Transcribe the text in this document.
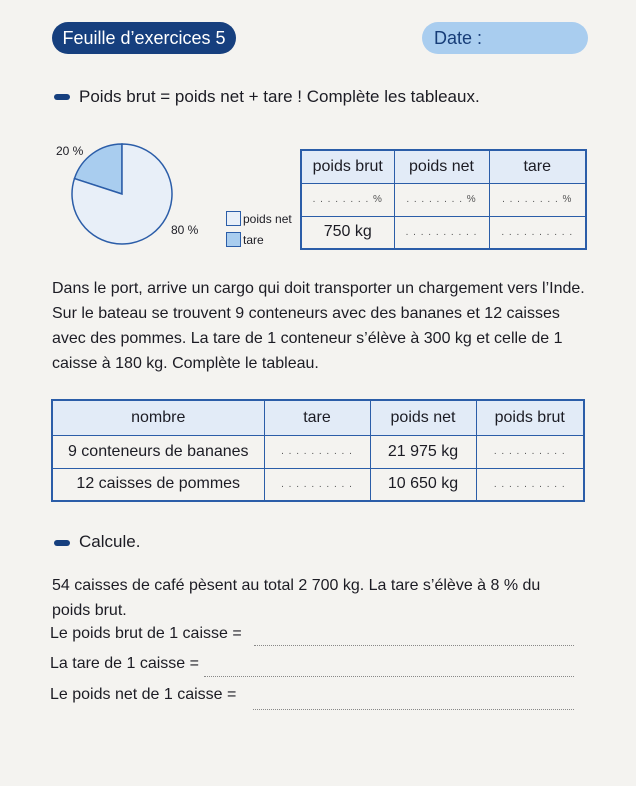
Feuille d’exercices 5	Date :
Poids brut = poids net + tare ! Complète les tableaux.
20 %
80 %
poids net
tare
poids brut	poids net	tare
. . . . . . . . %	. . . . . . . . %	. . . . . . . . %
750 kg	. . . . . . . . . .	. . . . . . . . . .
Dans le port, arrive un cargo qui doit transporter un chargement vers l’Inde. Sur le bateau se trouvent 9 conteneurs avec des bananes et 12 caisses avec des pommes. La tare de 1 conteneur s’élève à 300 kg et celle de 1 caisse à 180 kg. Complète le tableau.
nombre	tare	poids net	poids brut
9 conteneurs de bananes	. . . . . . . . . .	21 975 kg	. . . . . . . . . .
12 caisses de pommes	. . . . . . . . . .	10 650 kg	. . . . . . . . . .
Calcule.
54 caisses de café pèsent au total 2 700 kg. La tare s’élève à 8 % du poids brut.
Le poids brut de 1 caisse =
La tare de 1 caisse =
Le poids net de 1 caisse =
